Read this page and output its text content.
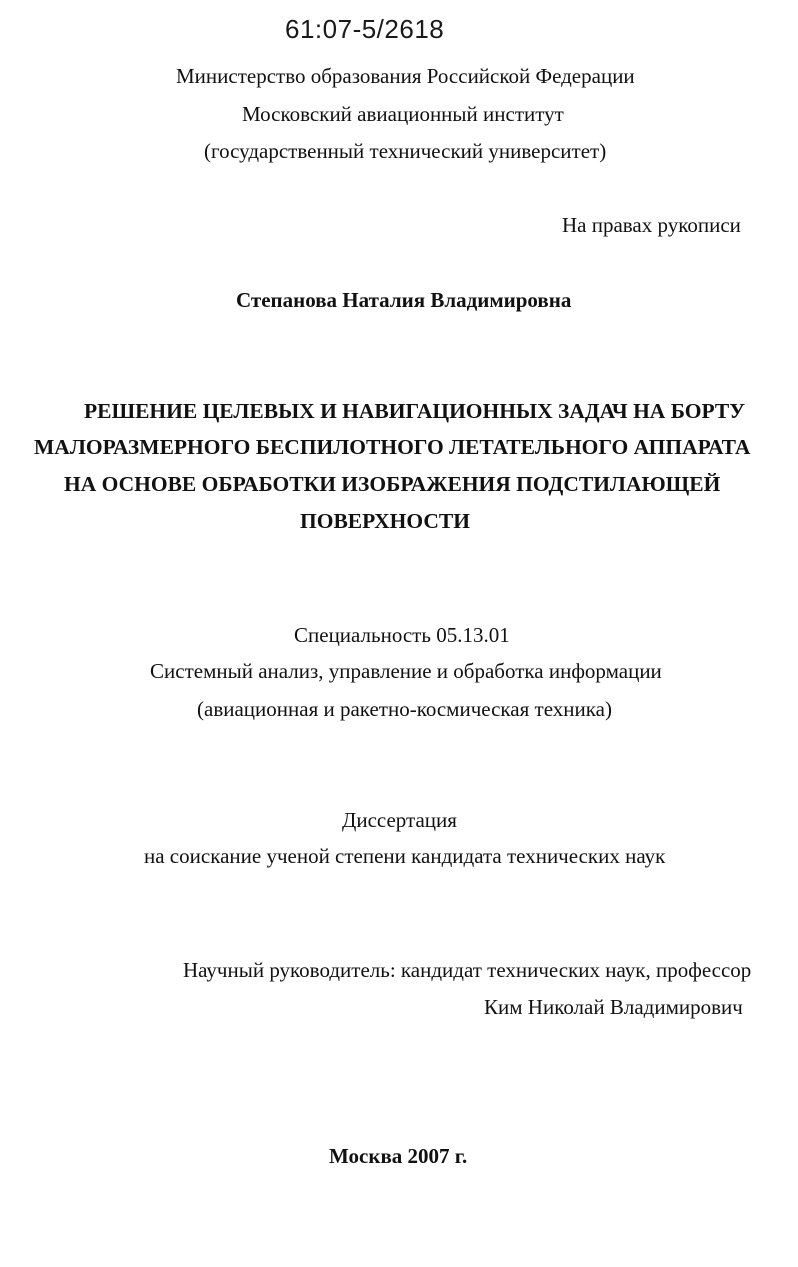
61:07-5/2618
Министерство образования Российской Федерации
Московский авиационный институт
(государственный технический университет)
На правах рукописи
Степанова Наталия Владимировна
РЕШЕНИЕ ЦЕЛЕВЫХ И НАВИГАЦИОННЫХ ЗАДАЧ НА БОРТУ
МАЛОРАЗМЕРНОГО БЕСПИЛОТНОГО ЛЕТАТЕЛЬНОГО АППАРАТА
НА ОСНОВЕ ОБРАБОТКИ ИЗОБРАЖЕНИЯ ПОДСТИЛАЮЩЕЙ
ПОВЕРХНОСТИ
Специальность 05.13.01
Системный анализ, управление и обработка информации
(авиационная и ракетно-космическая техника)
Диссертация
на соискание ученой степени кандидата технических наук
Научный руководитель: кандидат технических наук, профессор
Ким Николай Владимирович
Москва 2007 г.
